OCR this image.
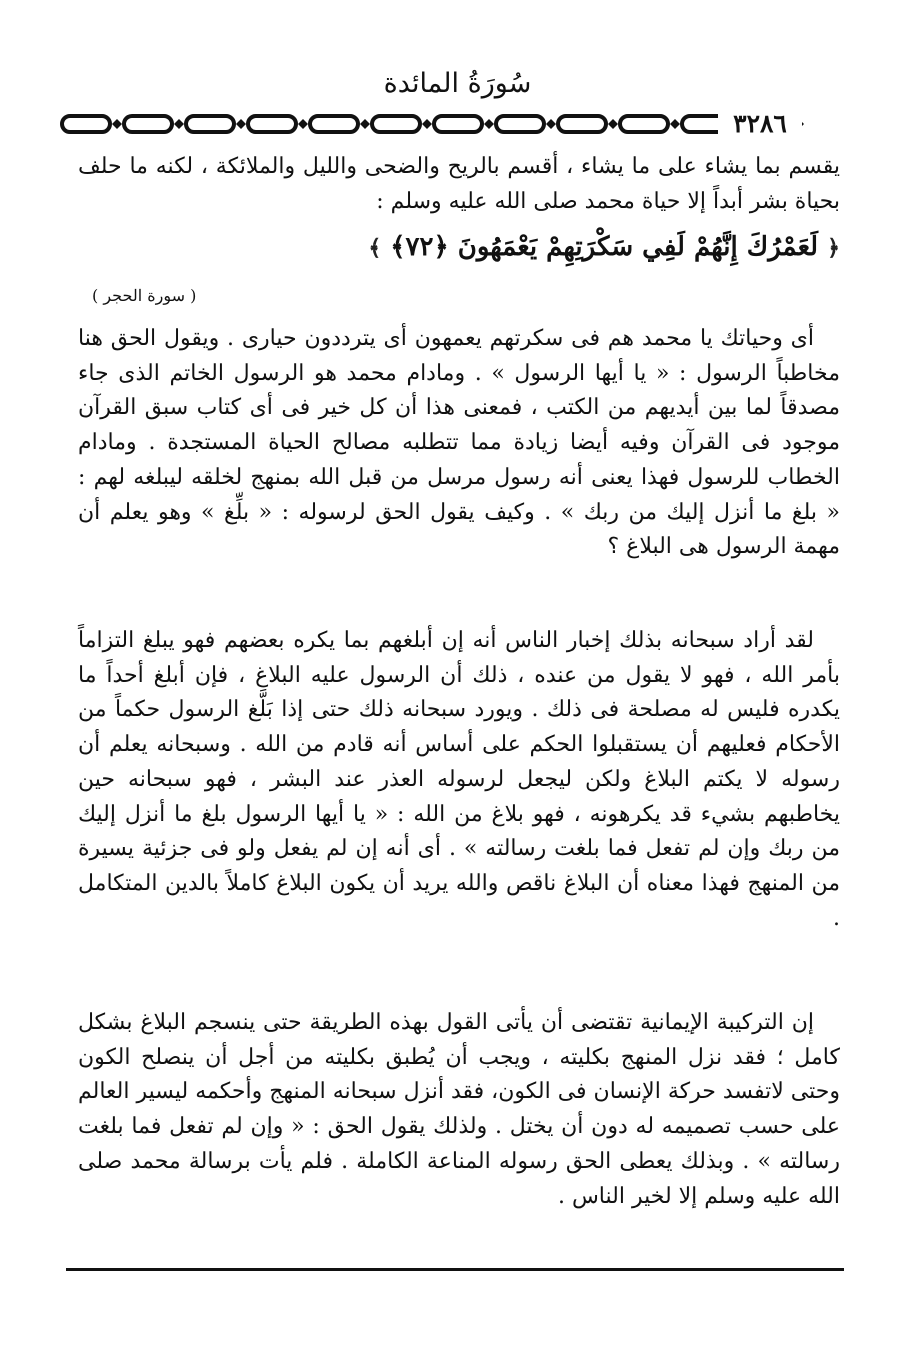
سُورَةُ المائدة
٣٢٨٦

يقسم بما يشاء على ما يشاء ، أقسم بالريح والضحى والليل والملائكة ، لكنه ما حلف بحياة بشر أبداً إلا حياة محمد صلى الله عليه وسلم :

﴿ لَعَمْرُكَ إِنَّهُمْ لَفِي سَكْرَتِهِمْ يَعْمَهُونَ ﴿٧٢﴾ ﴾
( سورة الحجر )

أى وحياتك يا محمد هم فى سكرتهم يعمهون أى يترددون حيارى . ويقول الحق هنا مخاطباً الرسول : « يا أيها الرسول » . ومادام محمد هو الرسول الخاتم الذى جاء مصدقاً لما بين أيديهم من الكتب ، فمعنى هذا أن كل خير فى أى كتاب سبق القرآن موجود فى القرآن وفيه أيضا زيادة مما تتطلبه مصالح الحياة المستجدة . ومادام الخطاب للرسول فهذا يعنى أنه رسول مرسل من قبل الله بمنهج لخلقه ليبلغه لهم : « بلغ ما أنزل إليك من ربك » . وكيف يقول الحق لرسوله : « بلِّغ » وهو يعلم أن مهمة الرسول هى البلاغ ؟

لقد أراد سبحانه بذلك إخبار الناس أنه إن أبلغهم بما يكره بعضهم فهو يبلغ التزاماً بأمر الله ، فهو لا يقول من عنده ، ذلك أن الرسول عليه البلاغ ، فإن أبلغ أحداً ما يكدره فليس له مصلحة فى ذلك . ويورد سبحانه ذلك حتى إذا بَلَّغ الرسول حكماً من الأحكام فعليهم أن يستقبلوا الحكم على أساس أنه قادم من الله . وسبحانه يعلم أن رسوله لا يكتم البلاغ ولكن ليجعل لرسوله العذر عند البشر ، فهو سبحانه حين يخاطبهم بشيء قد يكرهونه ، فهو بلاغ من الله : « يا أيها الرسول بلغ ما أنزل إليك من ربك وإن لم تفعل فما بلغت رسالته » . أى أنه إن لم يفعل ولو فى جزئية يسيرة من المنهج فهذا معناه أن البلاغ ناقص والله يريد أن يكون البلاغ كاملاً بالدين المتكامل .

إن التركيبة الإيمانية تقتضى أن يأتى القول بهذه الطريقة حتى ينسجم البلاغ بشكل كامل ؛ فقد نزل المنهج بكليته ، ويجب أن يُطبق بكليته من أجل أن ينصلح الكون وحتى لاتفسد حركة الإنسان فى الكون، فقد أنزل سبحانه المنهج وأحكمه ليسير العالم على حسب تصميمه له دون أن يختل . ولذلك يقول الحق : « وإن لم تفعل فما بلغت رسالته » . وبذلك يعطى الحق رسوله المناعة الكاملة . فلم يأت برسالة محمد صلى الله عليه وسلم إلا لخير الناس .
